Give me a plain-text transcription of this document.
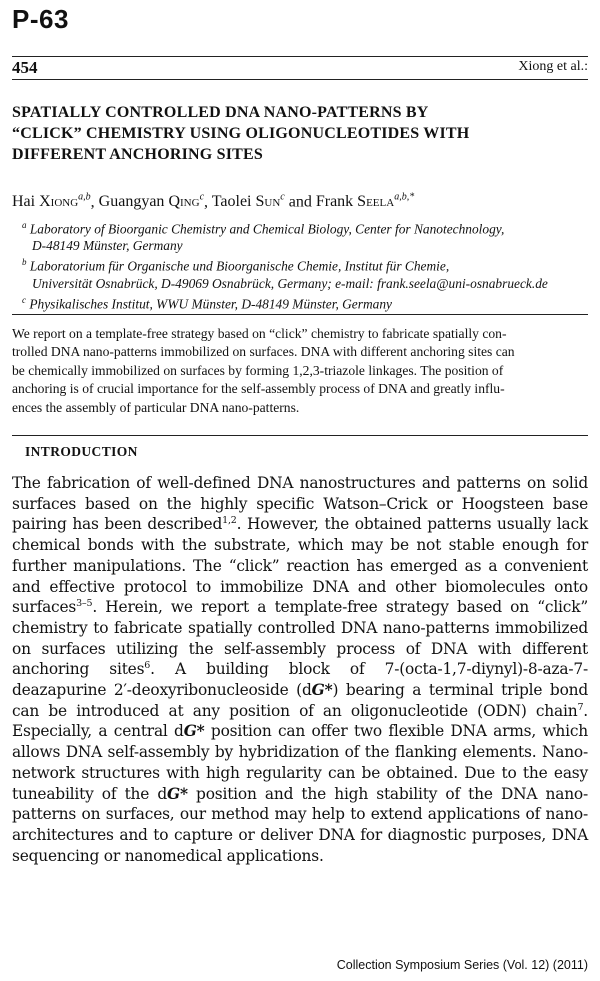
P-63
454	Xiong et al.:
SPATIALLY CONTROLLED DNA NANO-PATTERNS BY
“CLICK” CHEMISTRY USING OLIGONUCLEOTIDES WITH
DIFFERENT ANCHORING SITES
Hai Xiong$^{a,b}$, Guangyan Qing$^c$, Taolei Sun$^c$ and Frank Seela$^{a,b,*}$
$^a$ Laboratory of Bioorganic Chemistry and Chemical Biology, Center for Nanotechnology,
D-48149 Münster, Germany
$^b$ Laboratorium für Organische und Bioorganische Chemie, Institut für Chemie,
Universität Osnabrück, D-49069 Osnabrück, Germany; e-mail: frank.seela@uni-osnabrueck.de
$^c$ Physikalisches Institut, WWU Münster, D-48149 Münster, Germany
We report on a template-free strategy based on “click” chemistry to fabricate spatially con-
trolled DNA nano-patterns immobilized on surfaces. DNA with different anchoring sites can
be chemically immobilized on surfaces by forming 1,2,3-triazole linkages. The position of
anchoring is of crucial importance for the self-assembly process of DNA and greatly influ-
ences the assembly of particular DNA nano-patterns.
INTRODUCTION

The fabrication of well-defined DNA nanostructures and patterns on solid surfaces based on the highly specific Watson–Crick or Hoogsteen base pairing has been described$^{1,2}$. However, the obtained patterns usually lack chemical bonds with the substrate, which may be not stable enough for further manipulations. The “click” reaction has emerged as a convenient and effective protocol to immobilize DNA and other biomolecules onto surfaces$^{3-5}$. Herein, we report a template-free strategy based on “click” chemistry to fabricate spatially controlled DNA nano-patterns immobilized on surfaces utilizing the self-assembly process of DNA with different anchoring sites$^6$. A building block of 7-(octa-1,7-diynyl)-8-aza-7-deazapurine 2′-deoxyribonucleoside (dG*) bearing a terminal triple bond can be introduced at any position of an oligonucleotide (ODN) chain$^7$. Especially, a central dG* position can offer two flexible DNA arms, which allows DNA self-assembly by hybridization of the flanking elements. Nano-network structures with high regularity can be obtained. Due to the easy tuneability of the dG* position and the high stability of the DNA nano-patterns on surfaces, our method may help to extend applications of nano-architectures and to capture or deliver DNA for diagnostic purposes, DNA sequencing or nanomedical applications.

Collection Symposium Series (Vol. 12) (2011)
